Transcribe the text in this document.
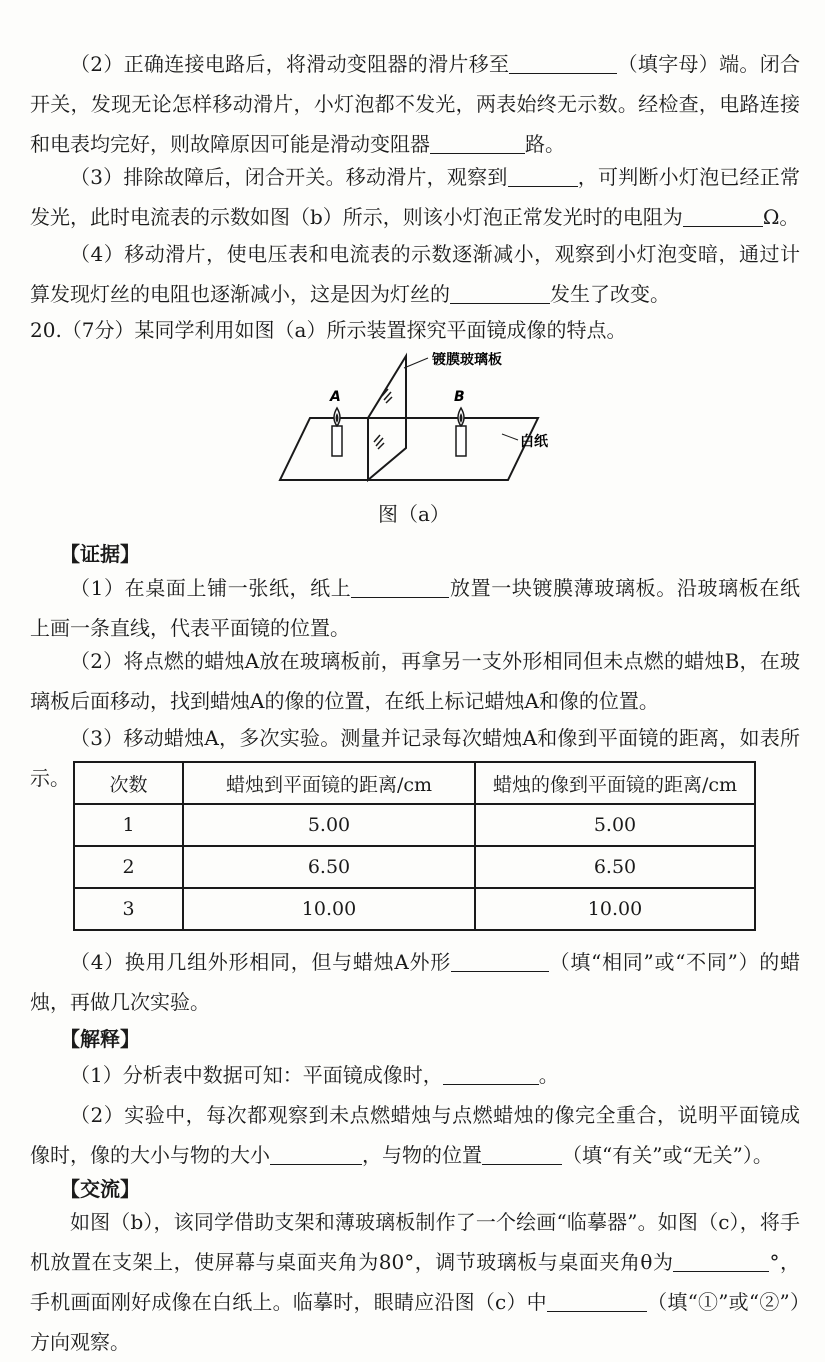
（2）正确连接电路后，将滑动变阻器的滑片移至	（填字母）端。闭合开关，发现无论怎样移动滑片，小灯泡都不发光，两表始终无示数。经检查，电路连接和电表均完好，则故障原因可能是滑动变阻器	路。

（3）排除故障后，闭合开关。移动滑片，观察到	，可判断小灯泡已经正常发光，此时电流表的示数如图（b）所示，则该小灯泡正常发光时的电阻为	Ω。

（4）移动滑片，使电压表和电流表的示数逐渐减小，观察到小灯泡变暗，通过计算发现灯丝的电阻也逐渐减小，这是因为灯丝的	发生了改变。

20.（7分）某同学利用如图（a）所示装置探究平面镜成像的特点。

A	B
镀膜玻璃板
白纸
图（a）
【证据】

（1）在桌面上铺一张纸，纸上	放置一块镀膜薄玻璃板。沿玻璃板在纸上画一条直线，代表平面镜的位置。

（2）将点燃的蜡烛A放在玻璃板前，再拿另一支外形相同但未点燃的蜡烛B，在玻璃板后面移动，找到蜡烛A的像的位置，在纸上标记蜡烛A和像的位置。

（3）移动蜡烛A，多次实验。测量并记录每次蜡烛A和像到平面镜的距离，如表所示。	次数	蜡烛到平面镜的距离/cm	蜡烛的像到平面镜的距离/cm
1	5.00	5.00
2	6.50	6.50
3	10.00	10.00

（4）换用几组外形相同，但与蜡烛A外形	（填“相同”或“不同”）的蜡烛，再做几次实验。

【解释】

（1）分析表中数据可知：平面镜成像时，	。

（2）实验中，每次都观察到未点燃蜡烛与点燃蜡烛的像完全重合，说明平面镜成像时，像的大小与物的大小	，与物的位置	（填“有关”或“无关”）。

【交流】

如图（b），该同学借助支架和薄玻璃板制作了一个绘画“临摹器”。如图（c），将手机放置在支架上，使屏幕与桌面夹角为80°，调节玻璃板与桌面夹角θ为	°，手机画面刚好成像在白纸上。临摹时，眼睛应沿图（c）中	（填“①”或“②”）方向观察。
